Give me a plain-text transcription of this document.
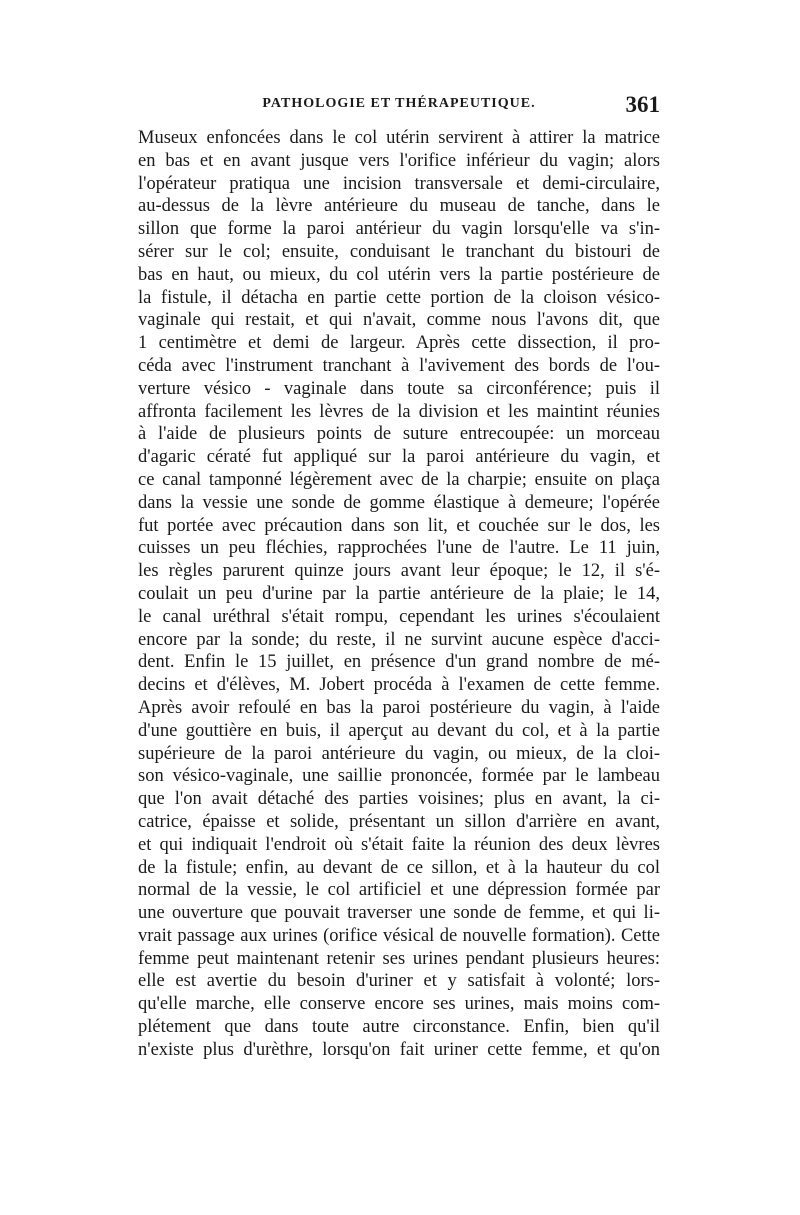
PATHOLOGIE ET THÉRAPEUTIQUE.	361
Museux enfoncées dans le col utérin servirent à attirer la matrice
en bas et en avant jusque vers l'orifice inférieur du vagin; alors
l'opérateur pratiqua une incision transversale et demi-circulaire,
au-dessus de la lèvre antérieure du museau de tanche, dans le
sillon que forme la paroi antérieur du vagin lorsqu'elle va s'in-
sérer sur le col; ensuite, conduisant le tranchant du bistouri de
bas en haut, ou mieux, du col utérin vers la partie postérieure de
la fistule, il détacha en partie cette portion de la cloison vésico-
vaginale qui restait, et qui n'avait, comme nous l'avons dit, que
1 centimètre et demi de largeur. Après cette dissection, il pro-
céda avec l'instrument tranchant à l'avivement des bords de l'ou-
verture vésico - vaginale dans toute sa circonférence; puis il
affronta facilement les lèvres de la division et les maintint réunies
à l'aide de plusieurs points de suture entrecoupée: un morceau
d'agaric cératé fut appliqué sur la paroi antérieure du vagin, et
ce canal tamponné légèrement avec de la charpie; ensuite on plaça
dans la vessie une sonde de gomme élastique à demeure; l'opérée
fut portée avec précaution dans son lit, et couchée sur le dos, les
cuisses un peu fléchies, rapprochées l'une de l'autre. Le 11 juin,
les règles parurent quinze jours avant leur époque; le 12, il s'é-
coulait un peu d'urine par la partie antérieure de la plaie; le 14,
le canal uréthral s'était rompu, cependant les urines s'écoulaient
encore par la sonde; du reste, il ne survint aucune espèce d'acci-
dent. Enfin le 15 juillet, en présence d'un grand nombre de mé-
decins et d'élèves, M. Jobert procéda à l'examen de cette femme.
Après avoir refoulé en bas la paroi postérieure du vagin, à l'aide
d'une gouttière en buis, il aperçut au devant du col, et à la partie
supérieure de la paroi antérieure du vagin, ou mieux, de la cloi-
son vésico-vaginale, une saillie prononcée, formée par le lambeau
que l'on avait détaché des parties voisines; plus en avant, la ci-
catrice, épaisse et solide, présentant un sillon d'arrière en avant,
et qui indiquait l'endroit où s'était faite la réunion des deux lèvres
de la fistule; enfin, au devant de ce sillon, et à la hauteur du col
normal de la vessie, le col artificiel et une dépression formée par
une ouverture que pouvait traverser une sonde de femme, et qui li-
vrait passage aux urines (orifice vésical de nouvelle formation). Cette
femme peut maintenant retenir ses urines pendant plusieurs heures:
elle est avertie du besoin d'uriner et y satisfait à volonté; lors-
qu'elle marche, elle conserve encore ses urines, mais moins com-
plétement que dans toute autre circonstance. Enfin, bien qu'il
n'existe plus d'urèthre, lorsqu'on fait uriner cette femme, et qu'on
